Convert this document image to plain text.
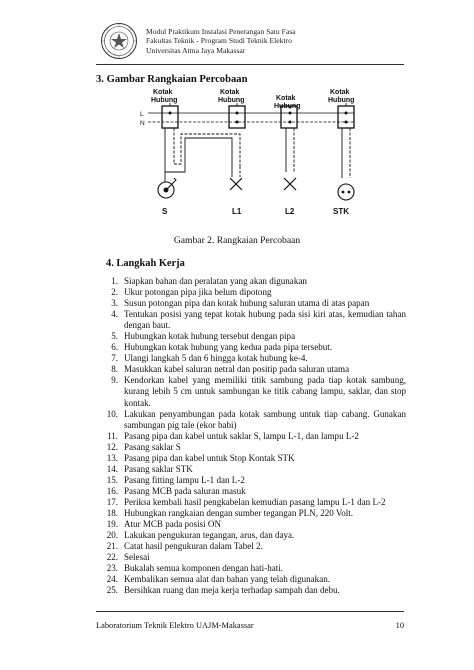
Modul Praktikum Instalasi Penerangan Satu Fasa
Fakultas Teknik - Program Studi Teknik Elektro
Universitas Atma Jaya Makassar
3. Gambar Rangkaian Percobaan
Kotak
Hubung
Kotak
Hubung	Kotak
Hubung
Kotak
Hubung
L
N
S	L1	L2	STK
Gambar 2. Rangkaian Percobaan
4. Langkah Kerja
1. Siapkan bahan dan peralatan yang akan digunakan
2. Ukur potongan pipa jika belum dipotong
3. Susun potongan pipa dan kotak hubung saluran utama di atas papan
4. Tentukan posisi yang tepat kotak hubung pada sisi kiri atas, kemudian tahan dengan baut.
5. Hubungkan kotak hubung tersebut dengan pipa
6. Hubungkan kotak hubung yang kedua pada pipa tersebut.
7. Ulangi langkah 5 dan 6 hingga kotak hubung ke-4.
8. Masukkan kabel saluran netral dan positip pada saluran utama
9. Kendorkan kabel yang memiliki titik sambung pada tiap kotak sambung, kurang lebih 5 cm untuk sambungan ke titik cabang lampu, saklar, dan stop kontak.
10. Lakukan penyambungan pada kotak sambung untuk tiap cabang. Gunakan sambungan pig tale (ekor babi)
11. Pasang pipa dan kabel untuk saklar S, lampu L-1, dan lampu L-2
12. Pasang saklar S
13. Pasang pipa dan kabel untuk Stop Kontak STK
14. Pasang saklar STK
15. Pasang fitting lampu L-1 dan L-2
16. Pasang MCB pada saluran masuk
17. Periksa kembali hasil pengkabelan kemudian pasang lampu L-1 dan L-2
18. Hubungkan rangkaian dengan sumber tegangan PLN, 220 Volt.
19. Atur MCB pada posisi ON
20. Lakukan pengukuran tegangan, arus, dan daya.
21. Catat hasil pengukuran dalam Tabel 2.
22. Selesai
23. Bukalah semua komponen dengan hati-hati.
24. Kembalikan semua alat dan bahan yang telah digunakan.
25. Bersihkan ruang dan meja kerja terhadap sampah dan debu.
Laboratorium Teknik Elektro UAJM-Makassar	10
